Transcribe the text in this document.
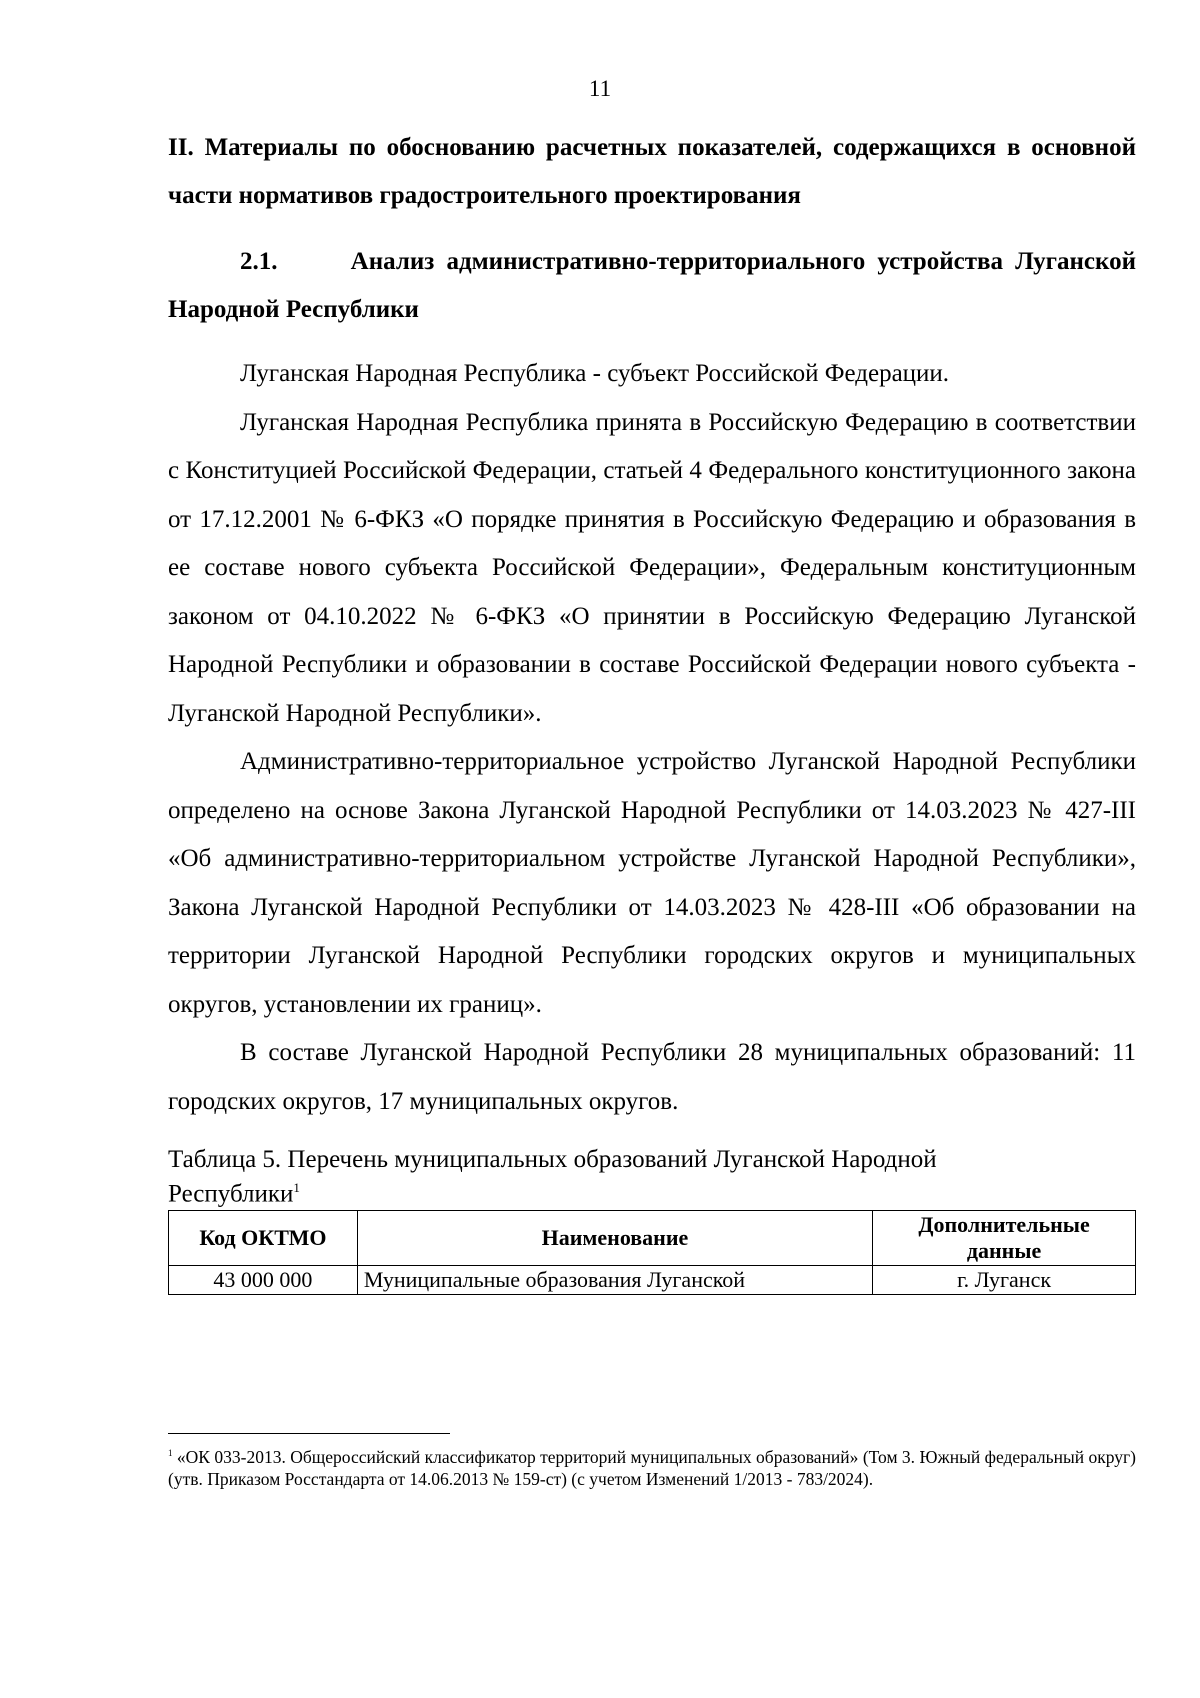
11

II. Материалы по обоснованию расчетных показателей, содержащихся в основной части нормативов градостроительного проектирования

2.1.	Анализ административно-территориального устройства Луганской Народной Республики

Луганская Народная Республика - субъект Российской Федерации.

Луганская Народная Республика принята в Российскую Федерацию в соответствии с Конституцией Российской Федерации, статьей 4 Федерального конституционного закона от 17.12.2001 № 6-ФКЗ «О порядке принятия в Российскую Федерацию и образования в ее составе нового субъекта Российской Федерации», Федеральным конституционным законом от 04.10.2022 № 6-ФКЗ «О принятии в Российскую Федерацию Луганской Народной Республики и образовании в составе Российской Федерации нового субъекта - Луганской Народной Республики».

Административно-территориальное устройство Луганской Народной Республики определено на основе Закона Луганской Народной Республики от 14.03.2023 № 427-III «Об административно-территориальном устройстве Луганской Народной Республики», Закона Луганской Народной Республики от 14.03.2023 № 428-III «Об образовании на территории Луганской Народной Республики городских округов и муниципальных округов, установлении их границ».

В составе Луганской Народной Республики 28 муниципальных образований: 11 городских округов, 17 муниципальных округов.

Таблица 5. Перечень муниципальных образований Луганской Народной Республики$^1$
Код ОКТМО	Наименование	Дополнительные данные
43 000 000	Муниципальные образования Луганской	г. Луганск
$^1$ «ОК 033-2013. Общероссийский классификатор территорий муниципальных образований» (Том 3. Южный федеральный округ) (утв. Приказом Росстандарта от 14.06.2013 № 159-ст) (с учетом Изменений 1/2013 - 783/2024).
